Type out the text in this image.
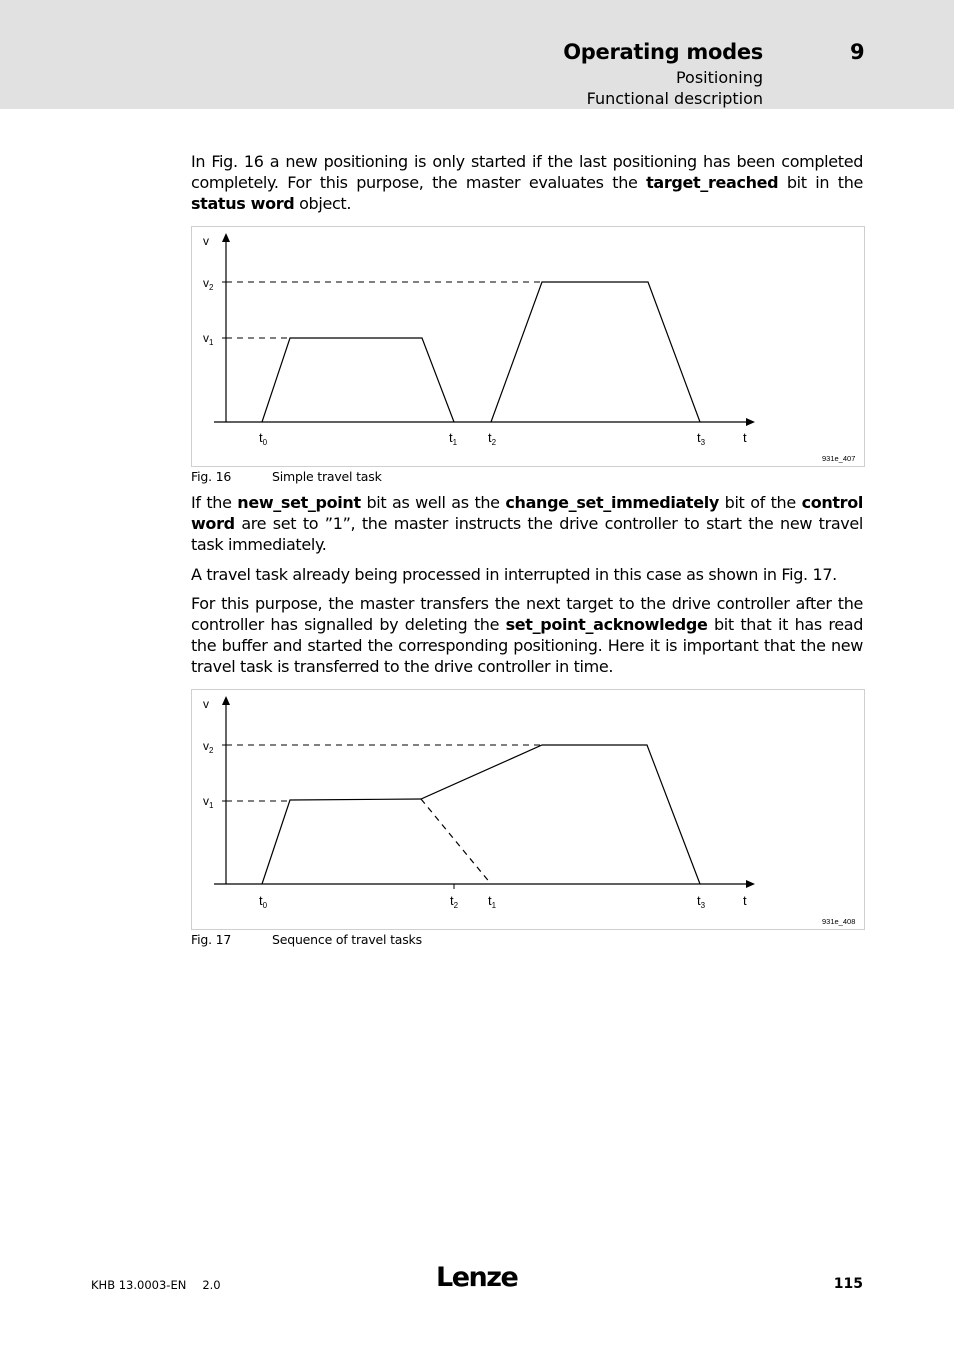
Operating modes	9
Positioning
Functional description
In Fig. 16 a new positioning is only started if the last positioning has been completed completely. For this purpose, the master evaluates the target_reached bit in the status word object.
v
$v_2$
$v_1$
$t_0$	$t_1$ $t_2$	$t_3$	t
931e_407
Fig. 16	Simple travel task
If the new_set_point bit as well as the change_set_immediately bit of the control word are set to ”1”, the master instructs the drive controller to start the new travel task immediately.
A travel task already being processed in interrupted in this case as shown in Fig. 17.
For this purpose, the master transfers the next target to the drive controller after the controller has signalled by deleting the set_point_acknowledge bit that it has read the buffer and started the corresponding positioning. Here it is important that the new travel task is transferred to the drive controller in time.
v
$v_2$
$v_1$
$t_0$	$t_2$ $t_1$	$t_3$	t
931e_408
Fig. 17	Sequence of travel tasks
KHB 13.0003-EN 2.0	Lenze	115
